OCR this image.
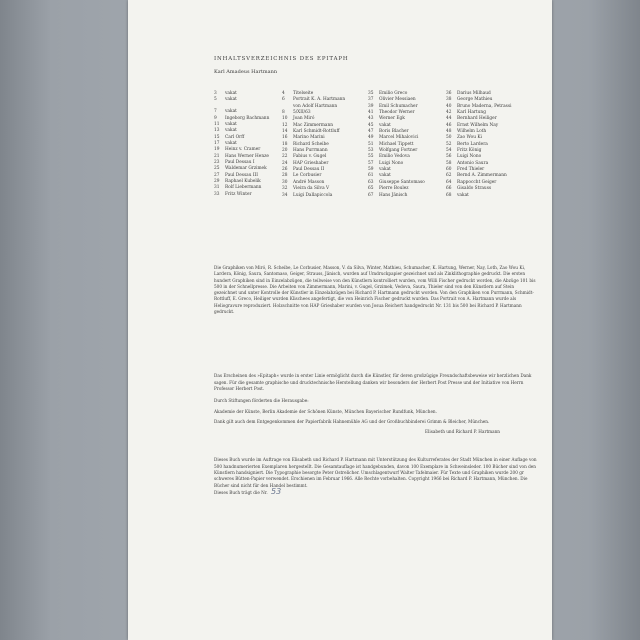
INHALTSVERZEICHNIS DES EPITAPH
Karl Amadeus Hartmann
3 vakat
5 vakat
7 vakat
9 Ingeborg Bachmann
11 vakat
13 vakat
15 Carl Orff
17 vakat
19 Heinz v. Cramer
21 Hans Werner Henze
23 Paul Dessau I
25 Waldemar Grzimek
27 Paul Dessau III
29 Raphael Kubelik
31 Rolf Liebermann
33 Fritz Winter
4 Titelseite
6 Portrait K. A. Hartmann
von Adolf Hartmann
8 5/XII/63
10 Joan Miró
12 Mac Zimmermann
14 Karl Schmidt-Rottluff
16 Marino Marini
18 Richard Scheibe
20 Hans Purrmann
22 Fabius v. Gugel
24 HAP Grieshaber
26 Paul Dessau II
28 Le Corbusier
30 André Masson
32 Vieira da Silva V
34 Luigi Dallapiccola
35 Emilio Greco
37 Olivier Messiaen
39 Emil Schumacher
41 Theodor Werner
43 Werner Egk
45 vakat
47 Boris Blacher
49 Marcel Mihalovici
51 Michael Tippett
53 Wolfgang Fortner
55 Emilio Vedova
57 Luigi Nono
59 vakat
61 vakat
63 Giuseppe Santomaso
65 Pierre Boulez
67 Hans Jänisch
36 Darius Milhaud
38 George Mathieu
40 Bruno Maderna, Petrassi
42 Karl Hartung
44 Bernhard Heiliger
46 Ernst Wilhelm Nay
48 Wilhelm Loth
50 Zao Wou Ki
52 Berto Lardera
54 Fritz König
56 Luigi Nono
58 Antonio Saura
60 Fred Thieler
62 Bernd A. Zimmermann
64 Rappoccht Geiger
66 Gisaldo Strauss
68 vakat
Die Graphiken von Miró, R. Scheibe, Le Corbusier, Masson, V. da Silva, Winter, Mathieu, Schumacher, K. Hartung, Werner, Nay, Loth, Zao Wou Ki, Lardera, König, Saura, Santomaso, Geiger, Strauss, Jänisch, wurden auf Umdruckpapier gezeichnet und als Zinklithographie gedruckt. Die ersten hundert Graphiken sind in Einzelabzügen, die teilweise von den Künstlern kontrolliert wurden, vom Willi Fischer gedruckt worden, die Abzüge 101 bis 500 in der Schnellpresse. Die Arbeiten von Zimmermann, Marini, v. Gugel, Grzimek, Vedova, Saura, Thieler sind von den Künstlern auf Stein gezeichnet und unter Kontrolle der Künstler in Einzelabzügen bei Richard P. Hartmann gedruckt worden. Von den Graphiken von Purrmann, Schmidt-Rottluff, E. Greco, Heiliger wurden Klischees angefertigt, die von Heinrich Fischer gedruckt wurden. Das Portrait von A. Hartmann wurde als Heliogravure reproduziert. Holzschnitte von HAP Grieshaber wurden von Josua Reichert handgedruckt Nr. 131 bis 500 bei Richard P. Hartmann gedruckt.
Das Erscheinen des »Epitaph« wurde in erster Linie ermöglicht durch die Künstler, für deren großzügige Freundschaftsbeweise wir herzlichen Dank sagen. Für die gesamte graphische und drucktechnische Herstellung danken wir besonders der Herbert Post Presse und der Initiative von Herrn Professor Herbert Post.
Durch Stiftungen förderten die Herausgabe:
Akademie der Künste, Berlin Akademie der Schönen Künste, München Bayerischer Rundfunk, München.
Dank gilt auch dem Entgegenkommen der Papierfabrik Hahnemühle AG und der Großbuchbinderei Grimm & Bleicher, München.
Elisabeth und Richard P. Hartmann
Dieses Buch wurde im Auftrage von Elisabeth und Richard P. Hartmann mit Unterstützung des Kulturreferates der Stadt München in einer Auflage von 500 handnumerierten Exemplaren hergestellt. Die Gesamtauflage ist handgebunden, davon 100 Exemplare in Schweinsleder. 100 Bücher sind von den Künstlern handsigniert. Die Typographie besorgte Peter Ostrelicher. Umschlagentwurf Walter Tafelmaier. Für Texte und Graphiken wurde 200 gr schweres Bütten-Papier verwendet. Erschienen im Februar 1966. Alle Rechte vorbehalten. Copyright 1966 bei Richard P. Hartmann, München. Die Bücher sind nicht für den Handel bestimmt.
Dieses Buch trägt die Nr. 53
